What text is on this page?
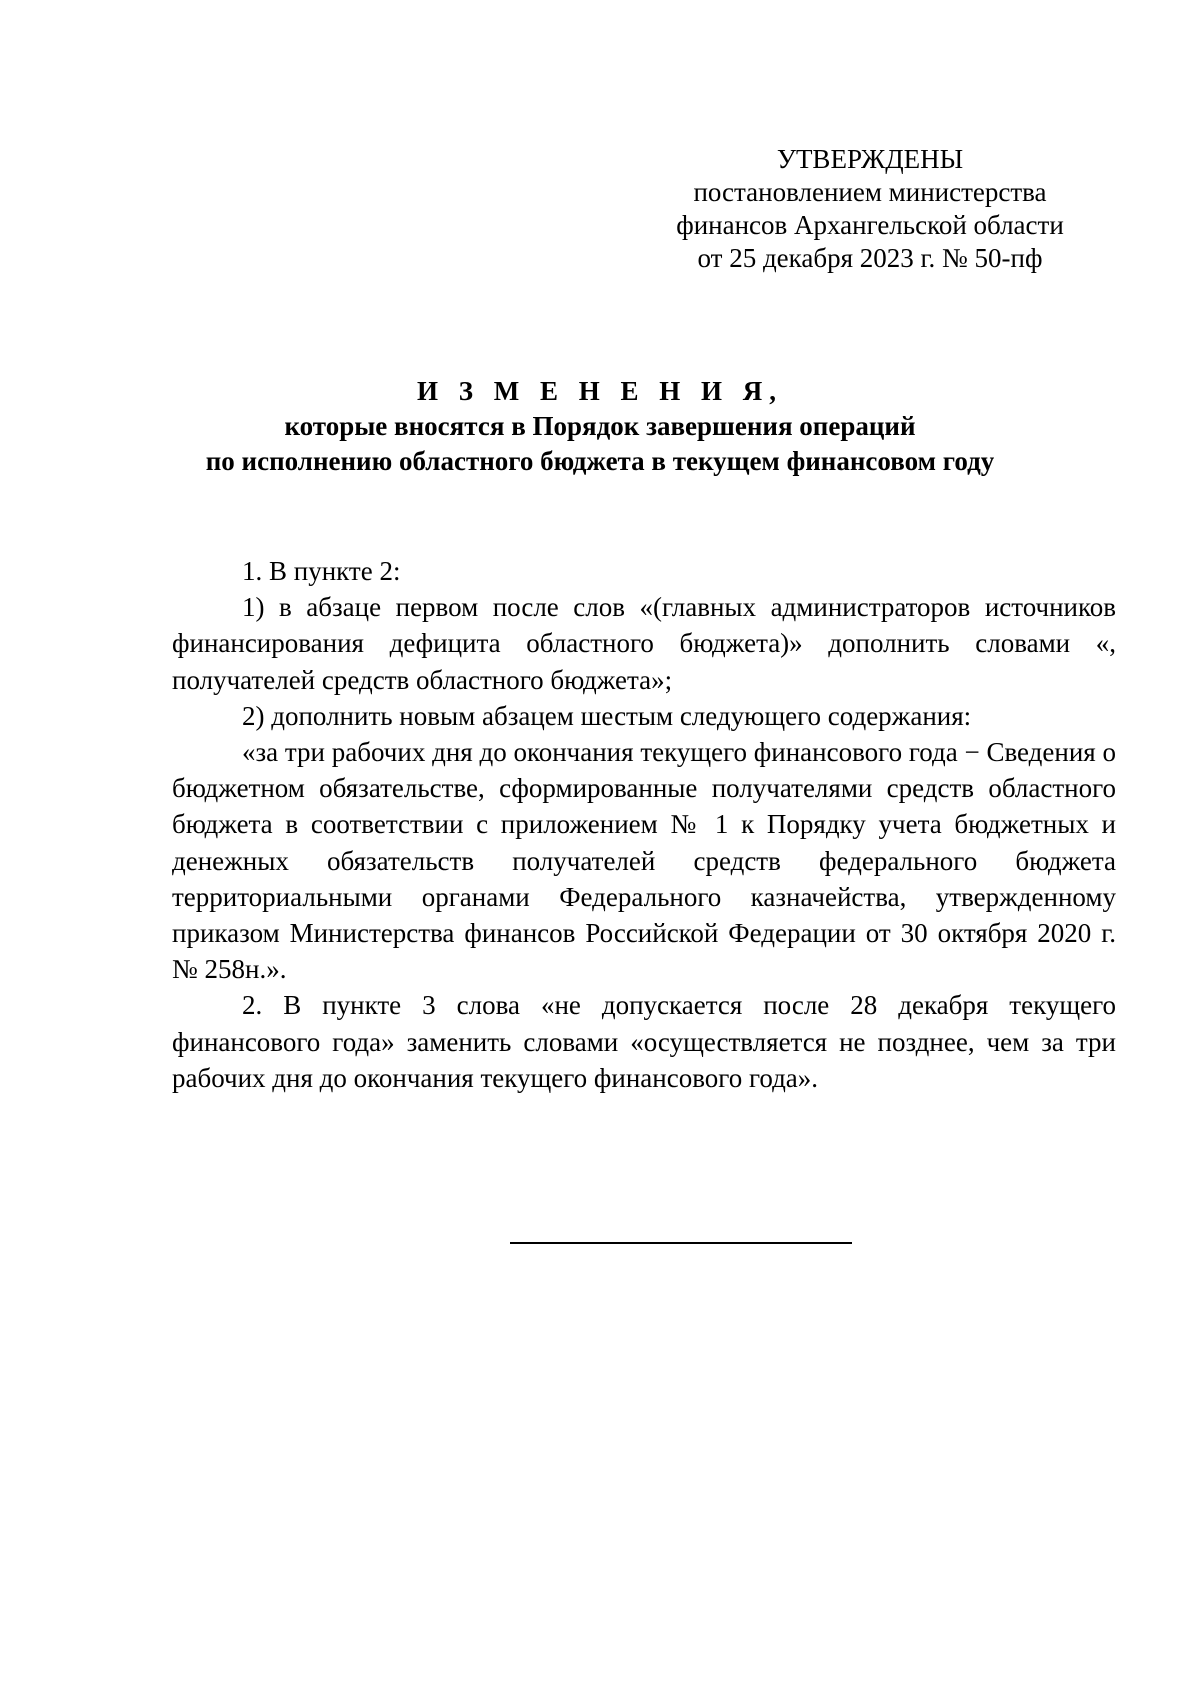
УТВЕРЖДЕНЫ
постановлением министерства
финансов Архангельской области
от 25 декабря 2023 г. № 50-пф
И З М Е Н Е Н И Я,
которые вносятся в Порядок завершения операций
по исполнению областного бюджета в текущем финансовом году

1. В пункте 2:

1) в абзаце первом после слов «(главных администраторов источников финансирования дефицита областного бюджета)» дополнить словами «, получателей средств областного бюджета»;

2) дополнить новым абзацем шестым следующего содержания:

«за три рабочих дня до окончания текущего финансового года − Сведения о бюджетном обязательстве, сформированные получателями средств областного бюджета в соответствии с приложением № 1 к Порядку учета бюджетных и денежных обязательств получателей средств федерального бюджета территориальными органами Федерального казначейства, утвержденному приказом Министерства финансов Российской Федерации от 30 октября 2020 г. № 258н.».

2. В пункте 3 слова «не допускается после 28 декабря текущего финансового года» заменить словами «осуществляется не позднее, чем за три рабочих дня до окончания текущего финансового года».
